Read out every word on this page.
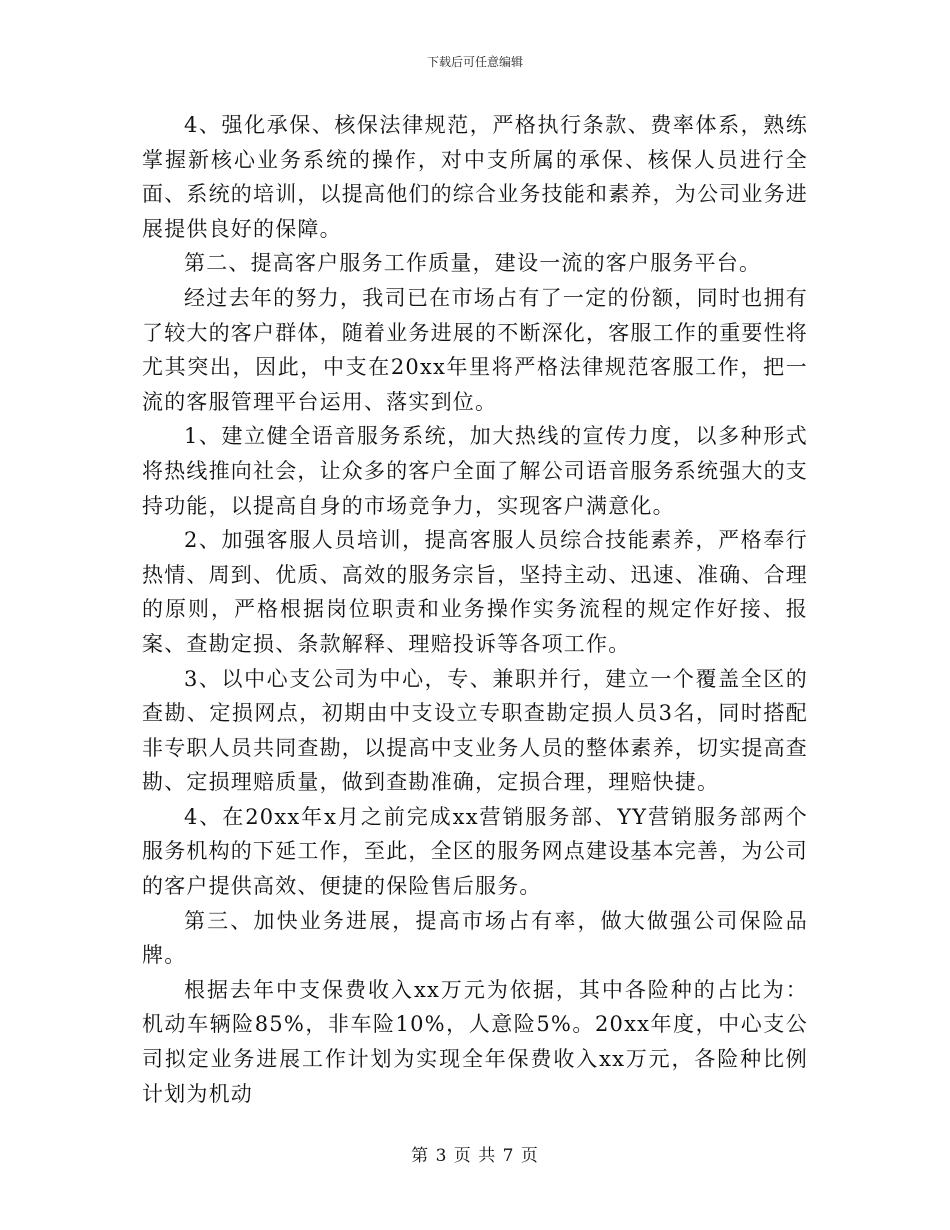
下载后可任意编辑

4、强化承保、核保法律规范，严格执行条款、费率体系，熟练掌握新核心业务系统的操作，对中支所属的承保、核保人员进行全面、系统的培训，以提高他们的综合业务技能和素养，为公司业务进展提供良好的保障。

第二、提高客户服务工作质量，建设一流的客户服务平台。

经过去年的努力，我司已在市场占有了一定的份额，同时也拥有了较大的客户群体，随着业务进展的不断深化，客服工作的重要性将尤其突出，因此，中支在20xx年里将严格法律规范客服工作，把一流的客服管理平台运用、落实到位。

1、建立健全语音服务系统，加大热线的宣传力度，以多种形式将热线推向社会，让众多的客户全面了解公司语音服务系统强大的支持功能，以提高自身的市场竞争力，实现客户满意化。

2、加强客服人员培训，提高客服人员综合技能素养，严格奉行热情、周到、优质、高效的服务宗旨，坚持主动、迅速、准确、合理的原则，严格根据岗位职责和业务操作实务流程的规定作好接、报案、查勘定损、条款解释、理赔投诉等各项工作。

3、以中心支公司为中心，专、兼职并行，建立一个覆盖全区的查勘、定损网点，初期由中支设立专职查勘定损人员3名，同时搭配非专职人员共同查勘，以提高中支业务人员的整体素养，切实提高查勘、定损理赔质量，做到查勘准确，定损合理，理赔快捷。

4、在20xx年x月之前完成xx营销服务部、YY营销服务部两个服务机构的下延工作，至此，全区的服务网点建设基本完善，为公司的客户提供高效、便捷的保险售后服务。

第三、加快业务进展，提高市场占有率，做大做强公司保险品牌。

根据去年中支保费收入xx万元为依据，其中各险种的占比为：机动车辆险85%，非车险10%，人意险5%。20xx年度，中心支公司拟定业务进展工作计划为实现全年保费收入xx万元，各险种比例计划为机动

第 3 页 共 7 页
